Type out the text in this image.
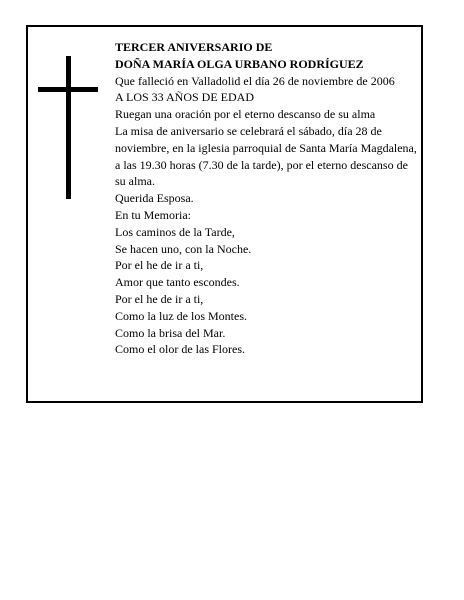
TERCER ANIVERSARIO DE

DOÑA MARÍA OLGA URBANO RODRÍGUEZ

Que falleció en Valladolid el día 26 de noviembre de 2006

A LOS 33 AÑOS DE EDAD

Ruegan una oración por el eterno descanso de su alma

La misa de aniversario se celebrará el sábado, día 28 de noviembre, en la iglesia parroquial de Santa María Magdalena, a las 19.30 horas (7.30 de la tarde), por el eterno descanso de su alma.

Querida Esposa.

En tu Memoria:

Los caminos de la Tarde,

Se hacen uno, con la Noche.

Por el he de ir a ti,

Amor que tanto escondes.

Por el he de ir a ti,

Como la luz de los Montes.

Como la brisa del Mar.

Como el olor de las Flores.
